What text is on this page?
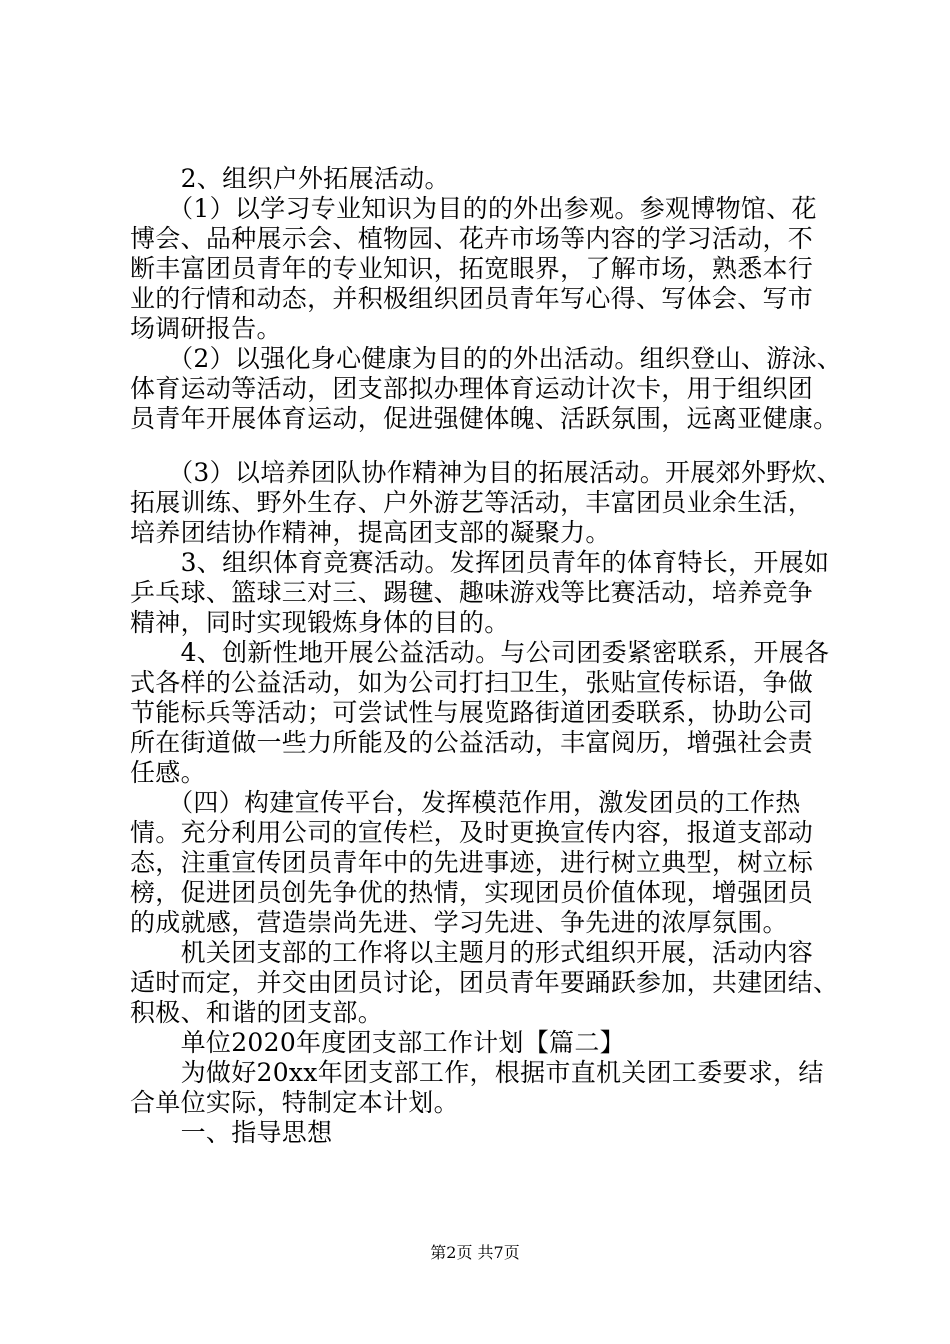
　　2、组织户外拓展活动。
　　（1）以学习专业知识为目的的外出参观。参观博物馆、花
博会、品种展示会、植物园、花卉市场等内容的学习活动，不
断丰富团员青年的专业知识，拓宽眼界，了解市场，熟悉本行
业的行情和动态，并积极组织团员青年写心得、写体会、写市
场调研报告。
　　（2）以强化身心健康为目的的外出活动。组织登山、游泳、
体育运动等活动，团支部拟办理体育运动计次卡，用于组织团
员青年开展体育运动，促进强健体魄、活跃氛围，远离亚健康。
　　（3）以培养团队协作精神为目的拓展活动。开展郊外野炊、
拓展训练、野外生存、户外游艺等活动，丰富团员业余生活，
培养团结协作精神，提高团支部的凝聚力。
　　3、组织体育竞赛活动。发挥团员青年的体育特长，开展如
乒乓球、篮球三对三、踢毽、趣味游戏等比赛活动，培养竞争
精神，同时实现锻炼身体的目的。
　　4、创新性地开展公益活动。与公司团委紧密联系，开展各
式各样的公益活动，如为公司打扫卫生，张贴宣传标语，争做
节能标兵等活动；可尝试性与展览路街道团委联系，协助公司
所在街道做一些力所能及的公益活动，丰富阅历，增强社会责
任感。
　　（四）构建宣传平台，发挥模范作用，激发团员的工作热
情。充分利用公司的宣传栏，及时更换宣传内容，报道支部动
态，注重宣传团员青年中的先进事迹，进行树立典型，树立标
榜，促进团员创先争优的热情，实现团员价值体现，增强团员
的成就感，营造崇尚先进、学习先进、争先进的浓厚氛围。
　　机关团支部的工作将以主题月的形式组织开展，活动内容
适时而定，并交由团员讨论，团员青年要踊跃参加，共建团结、
积极、和谐的团支部。
　　单位2020年度团支部工作计划【篇二】
　　为做好20xx年团支部工作，根据市直机关团工委要求，结
合单位实际，特制定本计划。
　　一、指导思想
第2页 共7页
